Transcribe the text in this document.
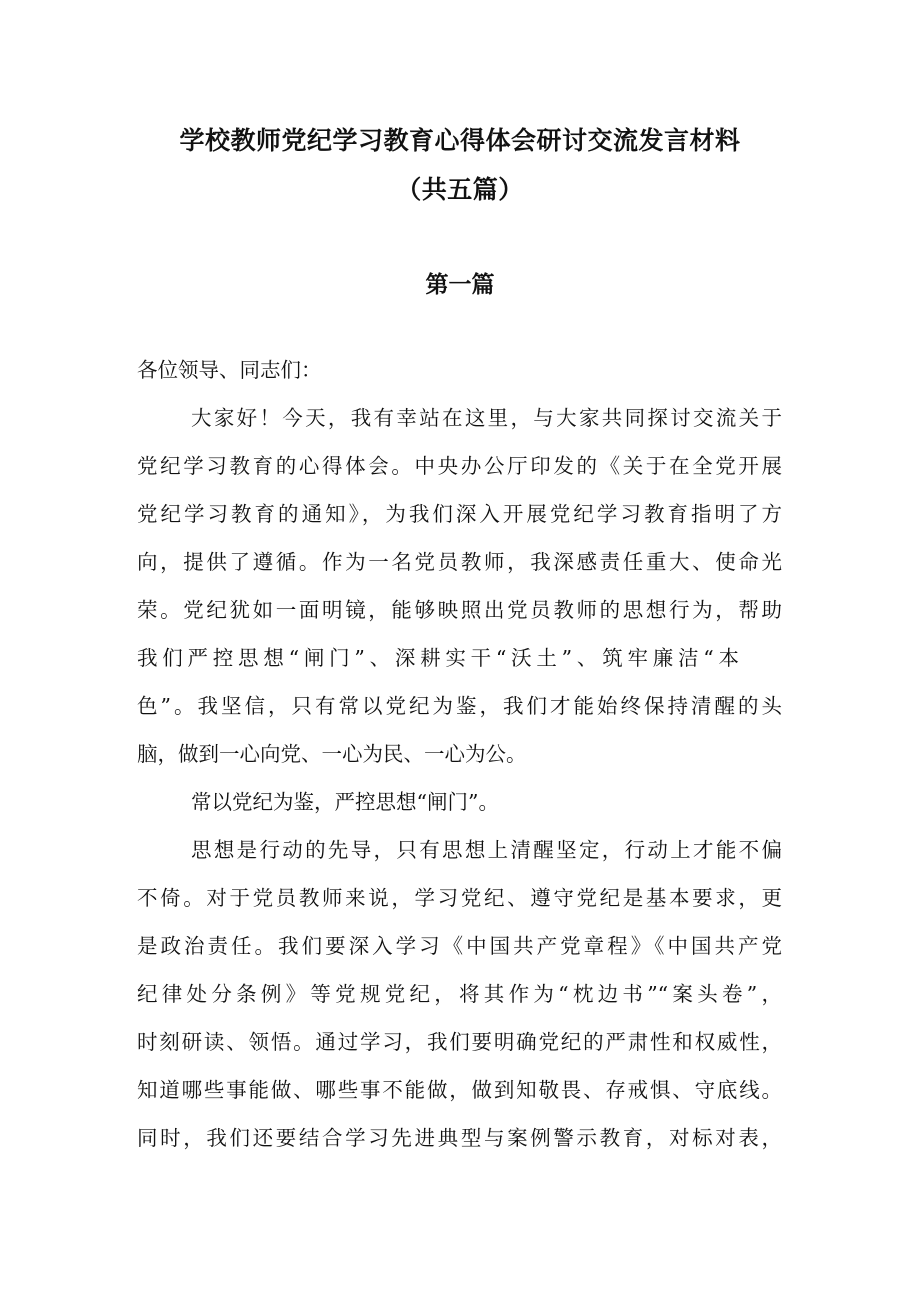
学校教师党纪学习教育心得体会研讨交流发言材料
（共五篇）
第一篇
各位领导、同志们：
大家好！今天，我有幸站在这里，与大家共同探讨交流关于
党纪学习教育的心得体会。中央办公厅印发的《关于在全党开展
党纪学习教育的通知》，为我们深入开展党纪学习教育指明了方
向，提供了遵循。作为一名党员教师，我深感责任重大、使命光
荣。党纪犹如一面明镜，能够映照出党员教师的思想行为，帮助
我们严控思想“闸门”、深耕实干“沃土”、筑牢廉洁“本
色”。我坚信，只有常以党纪为鉴，我们才能始终保持清醒的头
脑，做到一心向党、一心为民、一心为公。
常以党纪为鉴，严控思想“闸门”。
思想是行动的先导，只有思想上清醒坚定，行动上才能不偏
不倚。对于党员教师来说，学习党纪、遵守党纪是基本要求，更
是政治责任。我们要深入学习《中国共产党章程》《中国共产党
纪律处分条例》等党规党纪，将其作为“枕边书”“案头卷”，
时刻研读、领悟。通过学习，我们要明确党纪的严肃性和权威性，
知道哪些事能做、哪些事不能做，做到知敬畏、存戒惧、守底线。
同时，我们还要结合学习先进典型与案例警示教育，对标对表，
